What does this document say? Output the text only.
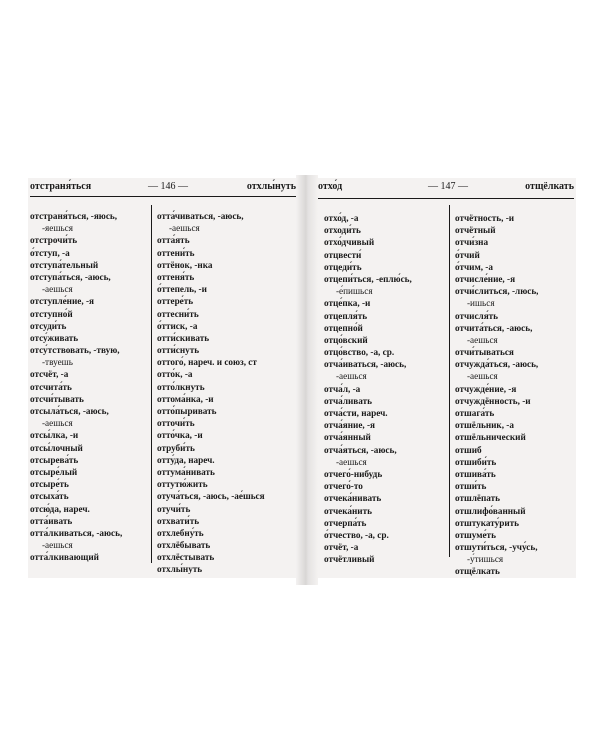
отстраня́ться	— 146 —	отхлы́нуть отхо́д	— 147 —	отщёлкать
отстраня́ться, -яюсь,
-яешься
отстрочи́ть
о́тступ, -а
отступа́тельный
отступа́ться, -аюсь,
-аешься
отступле́ние, -я
отступно́й
отсуди́ть
отсу́живать
отсу́тствовать, -твую,
-твуешь
отсчёт, -а
отсчита́ть
отсчи́тывать
отсыла́ться, -аюсь,
-аешься
отсы́лка, -и
отсы́лочный
отсырева́ть
отсыре́лый
отсыре́ть
отсыха́ть
отсю́да, нареч.
отта́ивать
отта́лкиваться, -аюсь,
-аешься
отта́лкивающий
отта́чиваться, -аюсь,
-аешься
отта́ять
оттени́ть
оттёнок, -нка
оттеня́ть
о́ттепель, -и
оттере́ть
оттесни́ть
о́ттиск, -а
отти́скивать
отти́снуть
оттого́, нареч. и союз, ст
отто́к, -а
отто́лкнуть
оттома́нка, -и
отто́пыривать
отточи́ть
отто́чка, -и
отруби́ть
отту́да, нареч.
оттума́нивать
оттутю́жить
отуча́ться, -аюсь, -ае́шься
отучи́ть
отхвати́ть
отхлебну́ть
отхлёбывать
отхлёстывать
отхлы́нуть
отхо́д, -а
отходи́ть
отхо́дчивый
отцвести́
отцеди́ть
отцепи́ться, -еплю́сь,
-е́пишься
отце́пка, -и
отцепля́ть
отцепно́й
отцо́вский
отцо́вство, -а, ср.
отча́иваться, -аюсь,
-аешься
отча́л, -а
отча́ливать
отча́сти, нареч.
отча́яние, -я
отча́янный
отча́яться, -аюсь,
-аешься
отчего́-нибудь
отчего́-то
отчека́нивать
отчека́нить
отчерпа́ть
о́тчество, -а, ср.
отчёт, -а
отчётливый
отчётность, -и
отчётный
отчи́зна
о́тчий
о́тчим, -а
отчисле́ние, -я
отчи́слиться, -люсь,
-ишься
отчисля́ть
отчита́ться, -аюсь,
-аешься
отчи́тываться
отчужда́ться, -аюсь,
-аешься
отчужде́ние, -я
отчуждённость, -и
отшага́ть
отшёльник, -а
отшёльнический
отшиб
отшиби́ть
отшива́ть
отши́ть
отшлёпать
отшлифо́ванный
отштукату́рить
отшуме́ть
отшути́ться, -учу́сь,
-у́тишься
отщёлкать
